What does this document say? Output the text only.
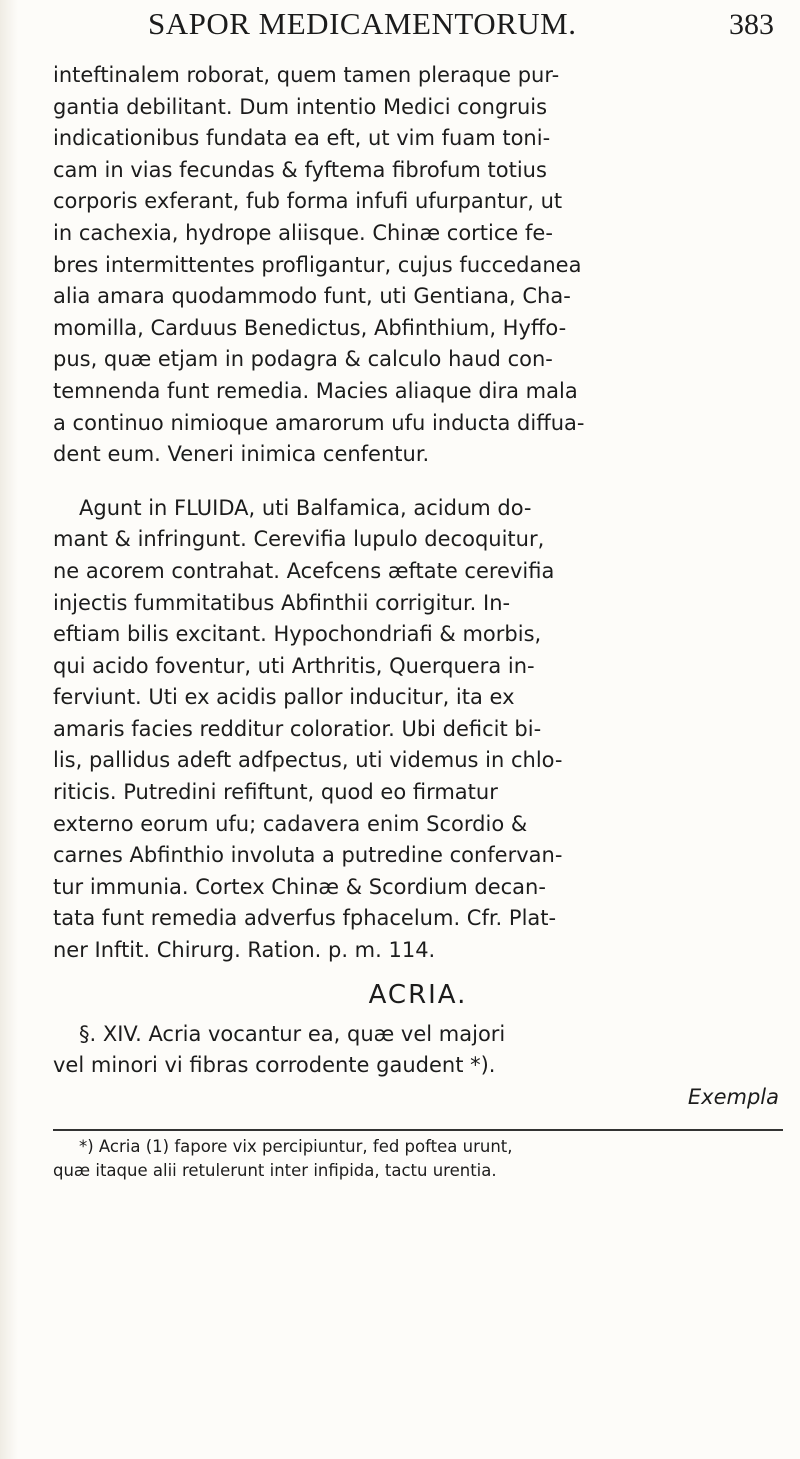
SAPOR MEDICAMENTORUM.	383
inteftinalem roborat, quem tamen pleraque pur-
gantia debilitant. Dum intentio Medici congruis
indicationibus fundata ea eft, ut vim fuam toni-
cam in vias fecundas & fyftema fibrofum totius
corporis exferant, fub forma infufi ufurpantur, ut
in cachexia, hydrope aliisque. Chinæ cortice fe-
bres intermittentes profligantur, cujus fuccedanea
alia amara quodammodo funt, uti Gentiana, Cha-
momilla, Carduus Benedictus, Abfinthium, Hyffo-
pus, quæ etjam in podagra & calculo haud con-
temnenda funt remedia. Macies aliaque dira mala
a continuo nimioque amarorum ufu inducta diffua-
dent eum. Veneri inimica cenfentur.
Agunt in FLUIDA, uti Balfamica, acidum do-
mant & infringunt. Cerevifia lupulo decoquitur,
ne acorem contrahat. Acefcens æftate cerevifia
injectis fummitatibus Abfinthii corrigitur. In-
eftiam bilis excitant. Hypochondriafi & morbis,
qui acido foventur, uti Arthritis, Querquera in-
ferviunt. Uti ex acidis pallor inducitur, ita ex
amaris facies redditur coloratior. Ubi deficit bi-
lis, pallidus adeft adfpectus, uti videmus in chlo-
riticis. Putredini refiftunt, quod eo firmatur
externo eorum ufu; cadavera enim Scordio &
carnes Abfinthio involuta a putredine confervan-
tur immunia. Cortex Chinæ & Scordium decan-
tata funt remedia adverfus fphacelum. Cfr. Plat-
ner Inftit. Chirurg. Ration. p. m. 114.
ACRIA.
§. XIV. Acria vocantur ea, quæ vel majori
vel minori vi fibras corrodente gaudent *).
Exempla
*) Acria (1) fapore vix percipiuntur, fed poftea urunt,
quæ itaque alii retulerunt inter infipida, tactu urentia.
